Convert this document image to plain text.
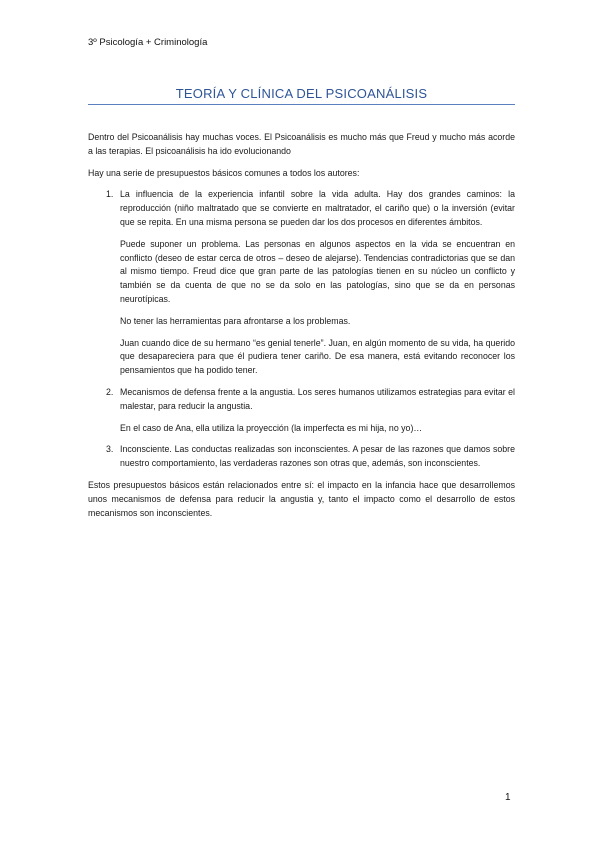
3º Psicología + Criminología
TEORÍA Y CLÍNICA DEL PSICOANÁLISIS

Dentro del Psicoanálisis hay muchas voces. El Psicoanálisis es mucho más que Freud y mucho más acorde a las terapias. El psicoanálisis ha ido evolucionando

Hay una serie de presupuestos básicos comunes a todos los autores:

1. La influencia de la experiencia infantil sobre la vida adulta. Hay dos grandes caminos: la reproducción (niño maltratado que se convierte en maltratador, el cariño que) o la inversión (evitar que se repita. En una misma persona se pueden dar los dos procesos en diferentes ámbitos.

Puede suponer un problema. Las personas en algunos aspectos en la vida se encuentran en conflicto (deseo de estar cerca de otros – deseo de alejarse). Tendencias contradictorias que se dan al mismo tiempo. Freud dice que gran parte de las patologías tienen en su núcleo un conflicto y también se da cuenta de que no se da solo en las patologías, sino que se da en personas neurotípicas.

No tener las herramientas para afrontarse a los problemas.

Juan cuando dice de su hermano “es genial tenerle”. Juan, en algún momento de su vida, ha querido que desapareciera para que él pudiera tener cariño. De esa manera, está evitando reconocer los pensamientos que ha podido tener.

2. Mecanismos de defensa frente a la angustia. Los seres humanos utilizamos estrategias para evitar el malestar, para reducir la angustia.

En el caso de Ana, ella utiliza la proyección (la imperfecta es mi hija, no yo)…

3. Inconsciente. Las conductas realizadas son inconscientes. A pesar de las razones que damos sobre nuestro comportamiento, las verdaderas razones son otras que, además, son inconscientes.

Estos presupuestos básicos están relacionados entre sí: el impacto en la infancia hace que desarrollemos unos mecanismos de defensa para reducir la angustia y, tanto el impacto como el desarrollo de estos mecanismos son inconscientes.

1
